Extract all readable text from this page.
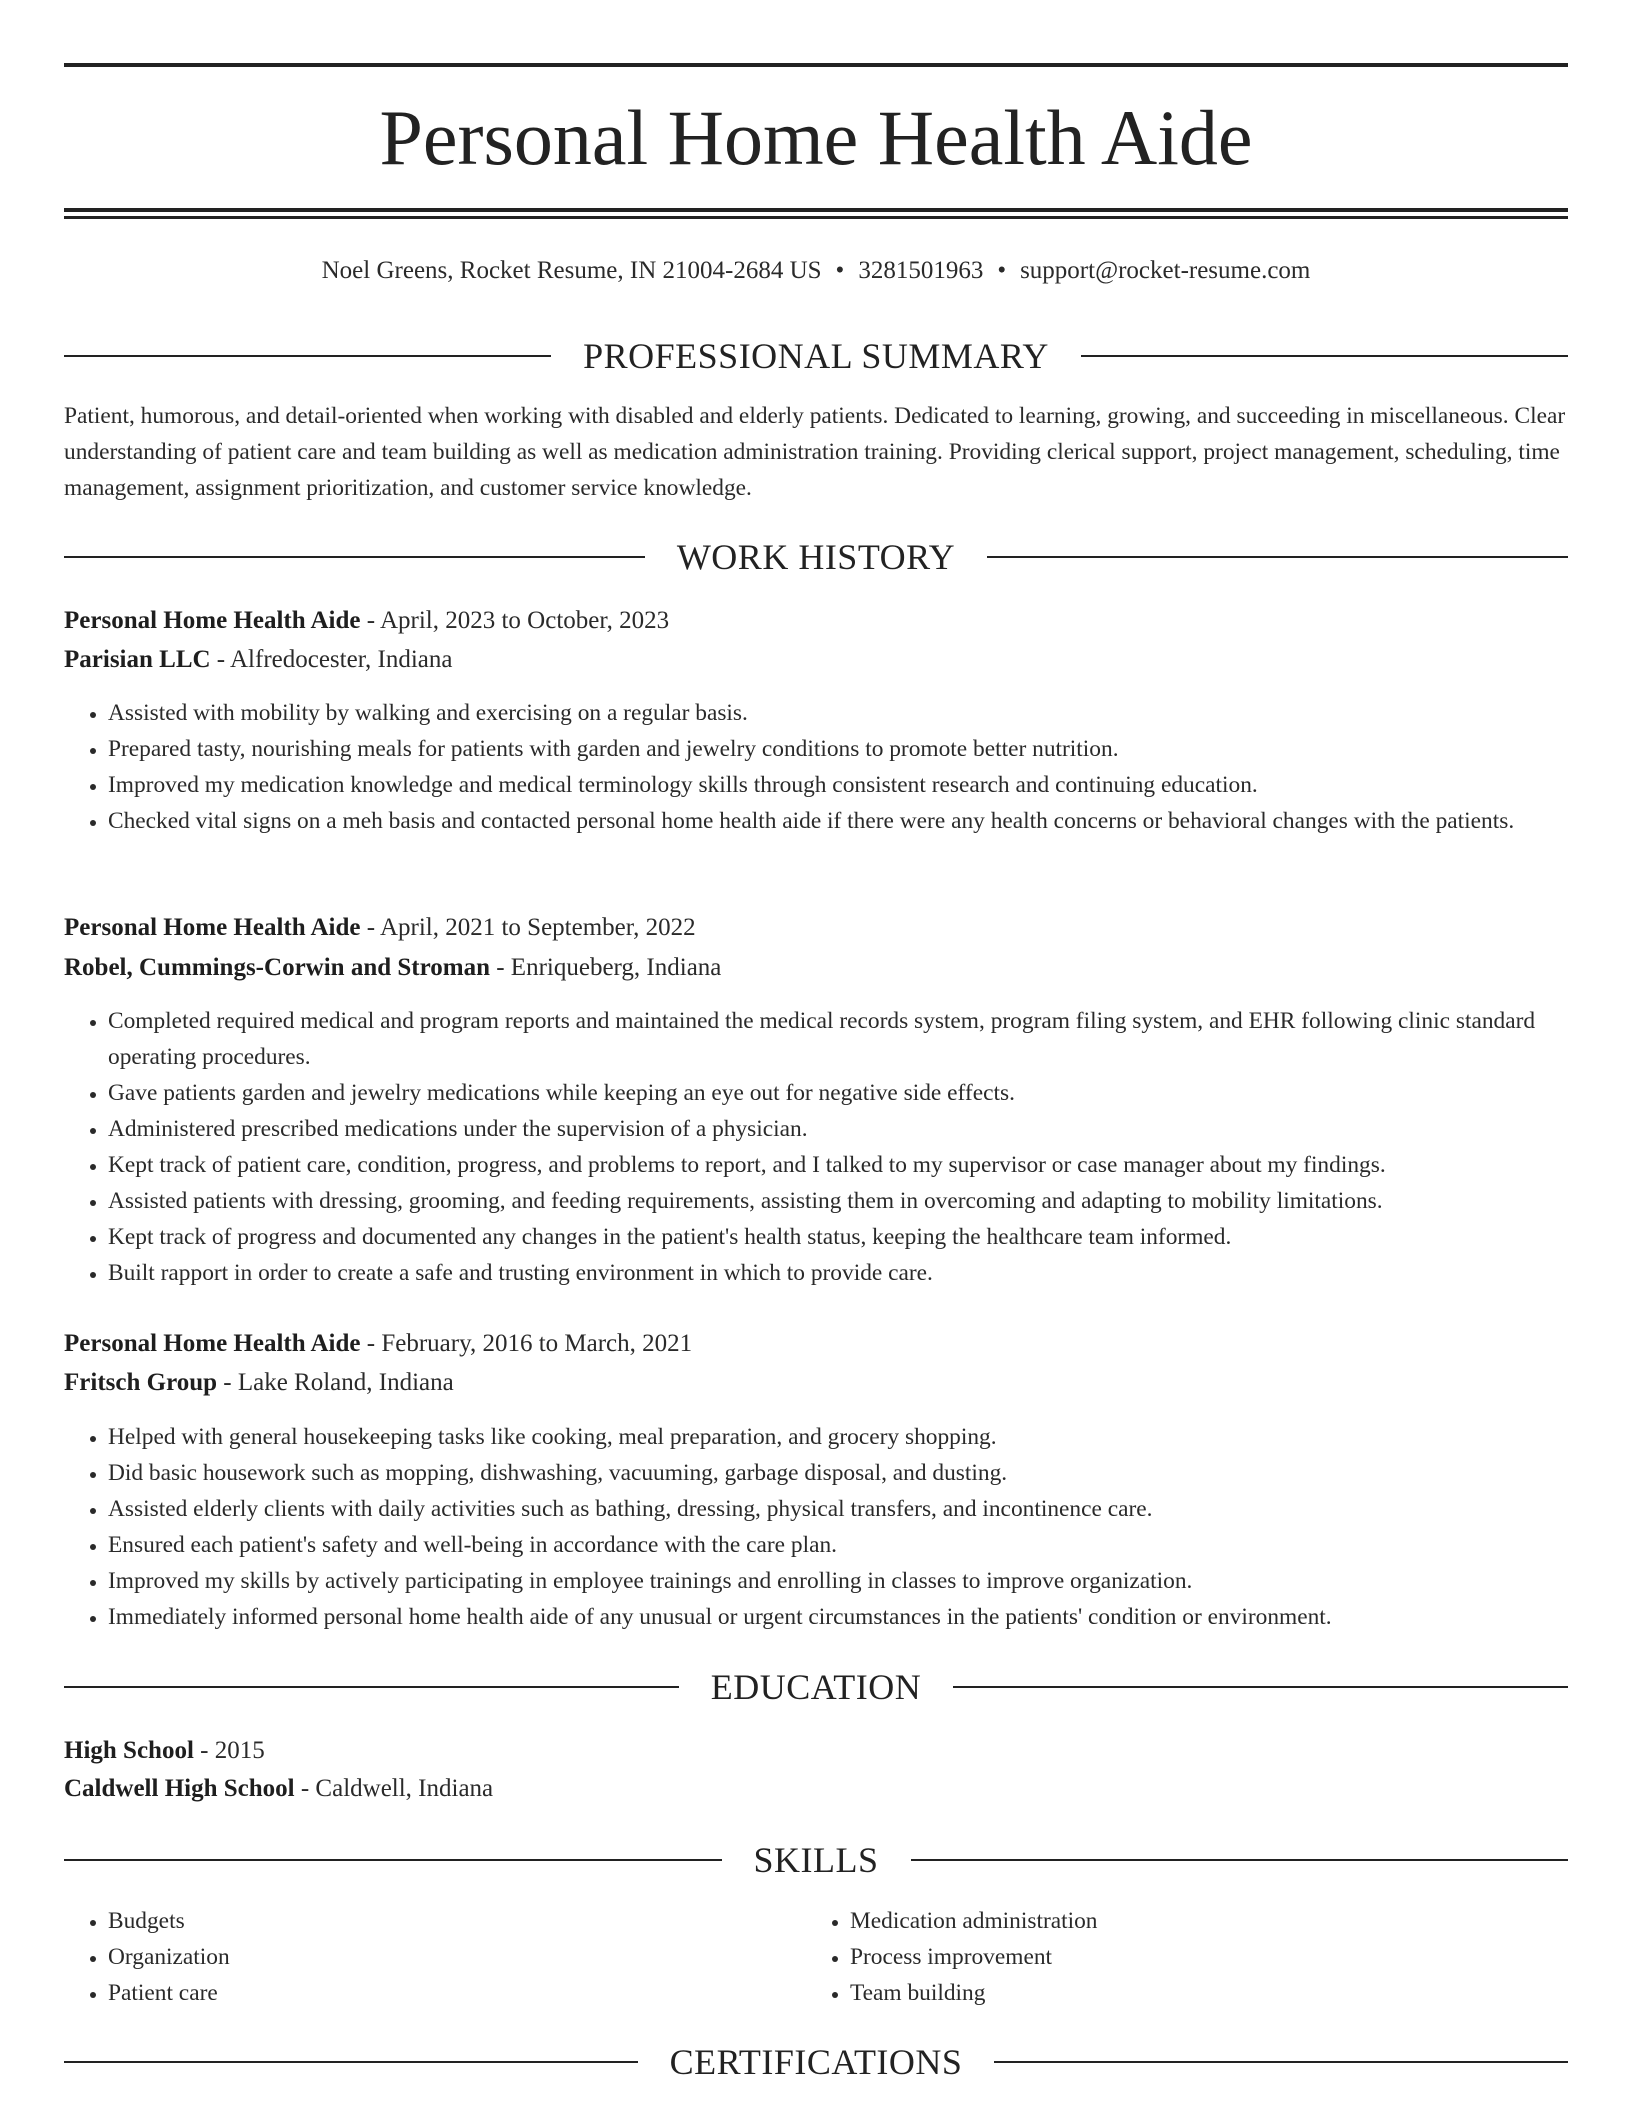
Personal Home Health Aide
Noel Greens, Rocket Resume, IN 21004-2684 US • 3281501963 • support@rocket-resume.com
PROFESSIONAL SUMMARY

Patient, humorous, and detail-oriented when working with disabled and elderly patients. Dedicated to learning, growing, and succeeding in miscellaneous. Clear understanding of patient care and team building as well as medication administration training. Providing clerical support, project management, scheduling, time management, assignment prioritization, and customer service knowledge.

WORK HISTORY
Personal Home Health Aide - April, 2023 to October, 2023
Parisian LLC - Alfredocester, Indiana
• Assisted with mobility by walking and exercising on a regular basis.
• Prepared tasty, nourishing meals for patients with garden and jewelry conditions to promote better nutrition.
• Improved my medication knowledge and medical terminology skills through consistent research and continuing education.
• Checked vital signs on a meh basis and contacted personal home health aide if there were any health concerns or behavioral changes with the patients.
Personal Home Health Aide - April, 2021 to September, 2022
Robel, Cummings-Corwin and Stroman - Enriqueberg, Indiana
• Completed required medical and program reports and maintained the medical records system, program filing system, and EHR following clinic standard operating procedures.
• Gave patients garden and jewelry medications while keeping an eye out for negative side effects.
• Administered prescribed medications under the supervision of a physician.
• Kept track of patient care, condition, progress, and problems to report, and I talked to my supervisor or case manager about my findings.
• Assisted patients with dressing, grooming, and feeding requirements, assisting them in overcoming and adapting to mobility limitations.
• Kept track of progress and documented any changes in the patient's health status, keeping the healthcare team informed.
• Built rapport in order to create a safe and trusting environment in which to provide care.
Personal Home Health Aide - February, 2016 to March, 2021
Fritsch Group - Lake Roland, Indiana
• Helped with general housekeeping tasks like cooking, meal preparation, and grocery shopping.
• Did basic housework such as mopping, dishwashing, vacuuming, garbage disposal, and dusting.
• Assisted elderly clients with daily activities such as bathing, dressing, physical transfers, and incontinence care.
• Ensured each patient's safety and well-being in accordance with the care plan.
• Improved my skills by actively participating in employee trainings and enrolling in classes to improve organization.
• Immediately informed personal home health aide of any unusual or urgent circumstances in the patients' condition or environment.
EDUCATION
High School - 2015
Caldwell High School - Caldwell, Indiana
SKILLS
• Budgets
• Organization
• Patient care
• Medication administration
• Process improvement
• Team building
CERTIFICATIONS
